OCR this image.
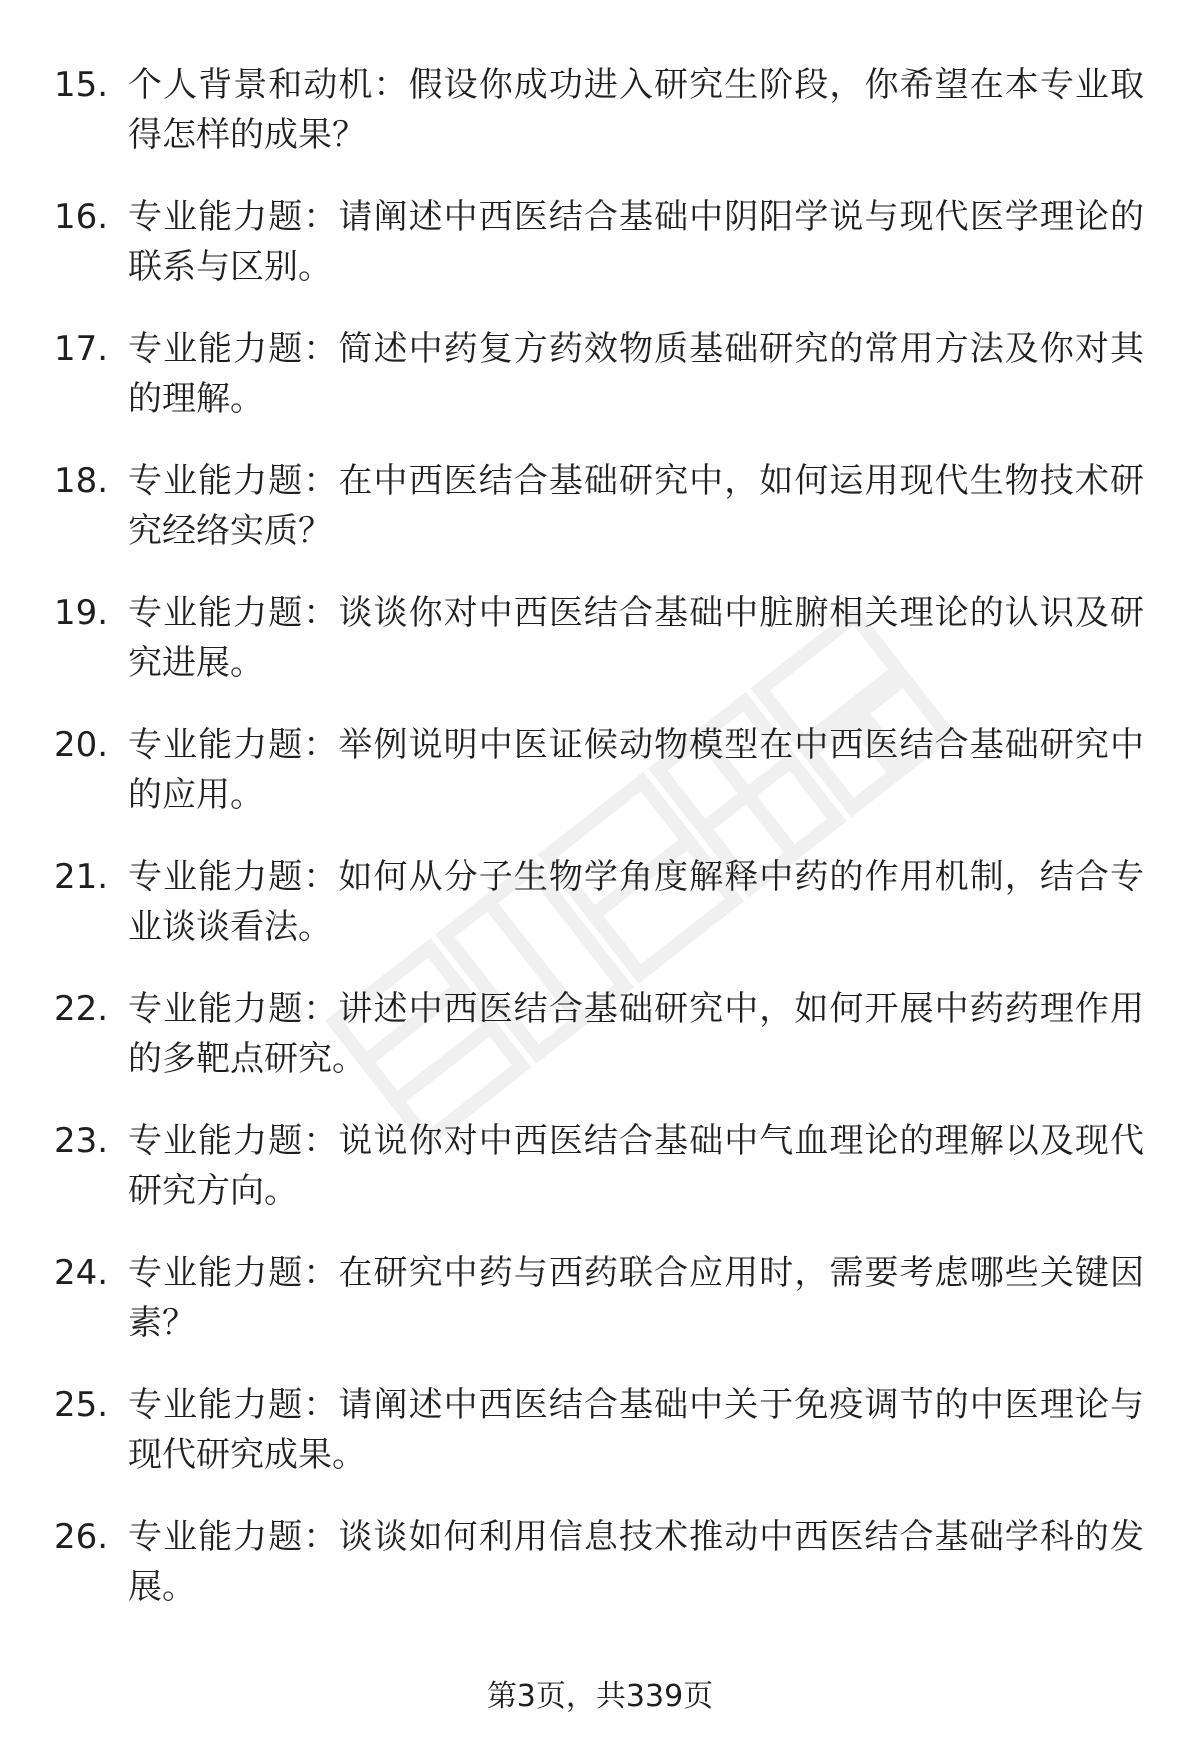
15. 个人背景和动机：假设你成功进入研究生阶段，你希望在本专业取得怎样的成果？
16. 专业能力题：请阐述中西医结合基础中阴阳学说与现代医学理论的联系与区别。
17. 专业能力题：简述中药复方药效物质基础研究的常用方法及你对其的理解。
18. 专业能力题：在中西医结合基础研究中，如何运用现代生物技术研究经络实质？
19. 专业能力题：谈谈你对中西医结合基础中脏腑相关理论的认识及研究进展。
20. 专业能力题：举例说明中医证候动物模型在中西医结合基础研究中的应用。
21. 专业能力题：如何从分子生物学角度解释中药的作用机制，结合专业谈谈看法。
22. 专业能力题：讲述中西医结合基础研究中，如何开展中药药理作用的多靶点研究。
23. 专业能力题：说说你对中西医结合基础中气血理论的理解以及现代研究方向。
24. 专业能力题：在研究中药与西药联合应用时，需要考虑哪些关键因素？
25. 专业能力题：请阐述中西医结合基础中关于免疫调节的中医理论与现代研究成果。
26. 专业能力题：谈谈如何利用信息技术推动中西医结合基础学科的发展。
第3页，共339页
